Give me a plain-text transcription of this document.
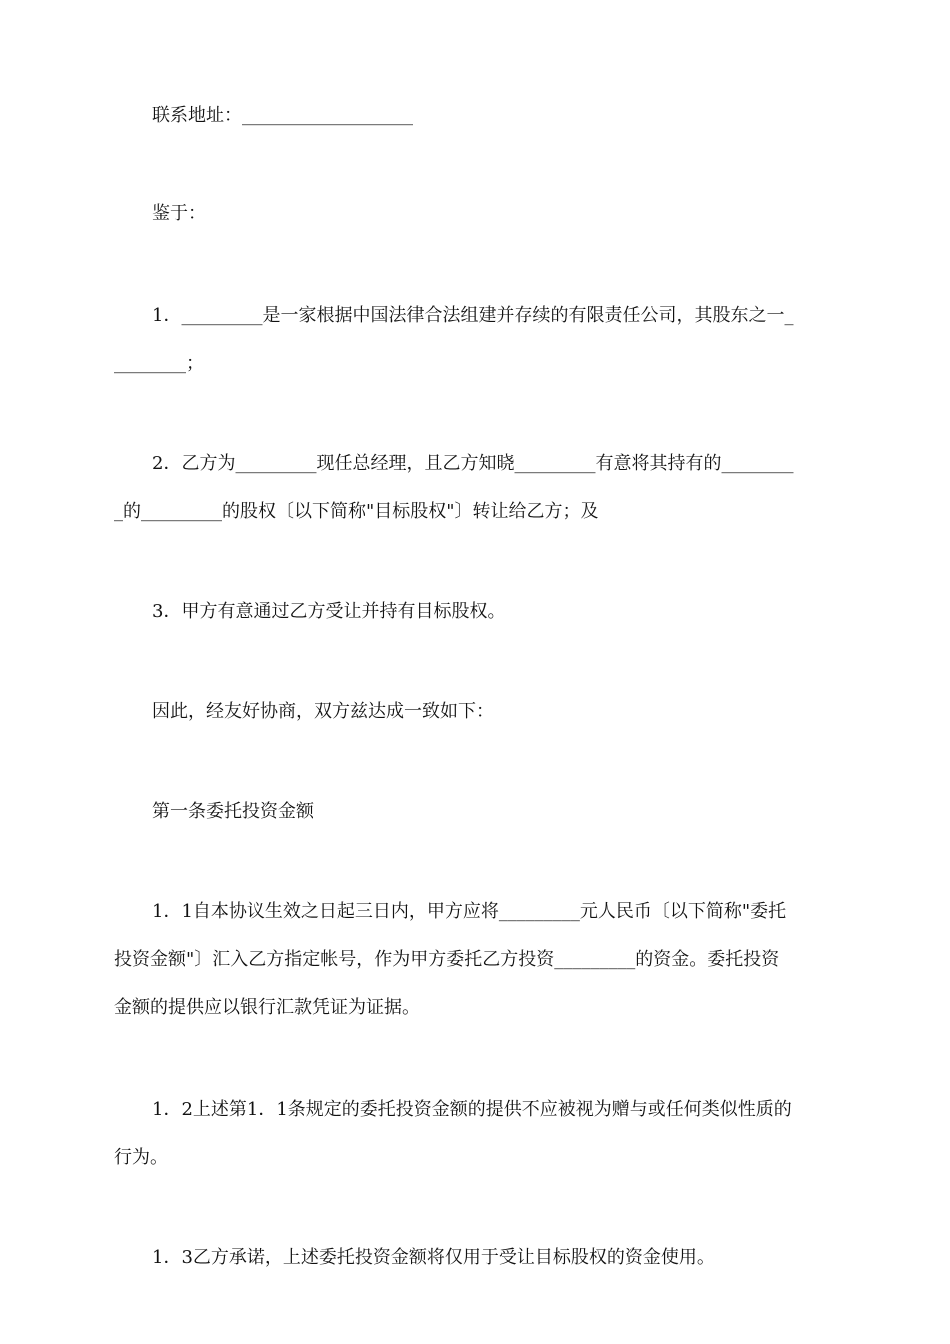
联系地址：___________________
鉴于：
1．_________是一家根据中国法律合法组建并存续的有限责任公司，其股东之一_
________；
2．乙方为_________现任总经理，且乙方知晓_________有意将其持有的________
_的_________的股权〔以下简称"目标股权"〕转让给乙方；及
3．甲方有意通过乙方受让并持有目标股权。
因此，经友好协商，双方兹达成一致如下：
第一条委托投资金额
1．1自本协议生效之日起三日内，甲方应将_________元人民币〔以下简称"委托
投资金额"〕汇入乙方指定帐号，作为甲方委托乙方投资_________的资金。委托投资
金额的提供应以银行汇款凭证为证据。
1．2上述第1．1条规定的委托投资金额的提供不应被视为赠与或任何类似性质的
行为。
1．3乙方承诺，上述委托投资金额将仅用于受让目标股权的资金使用。
